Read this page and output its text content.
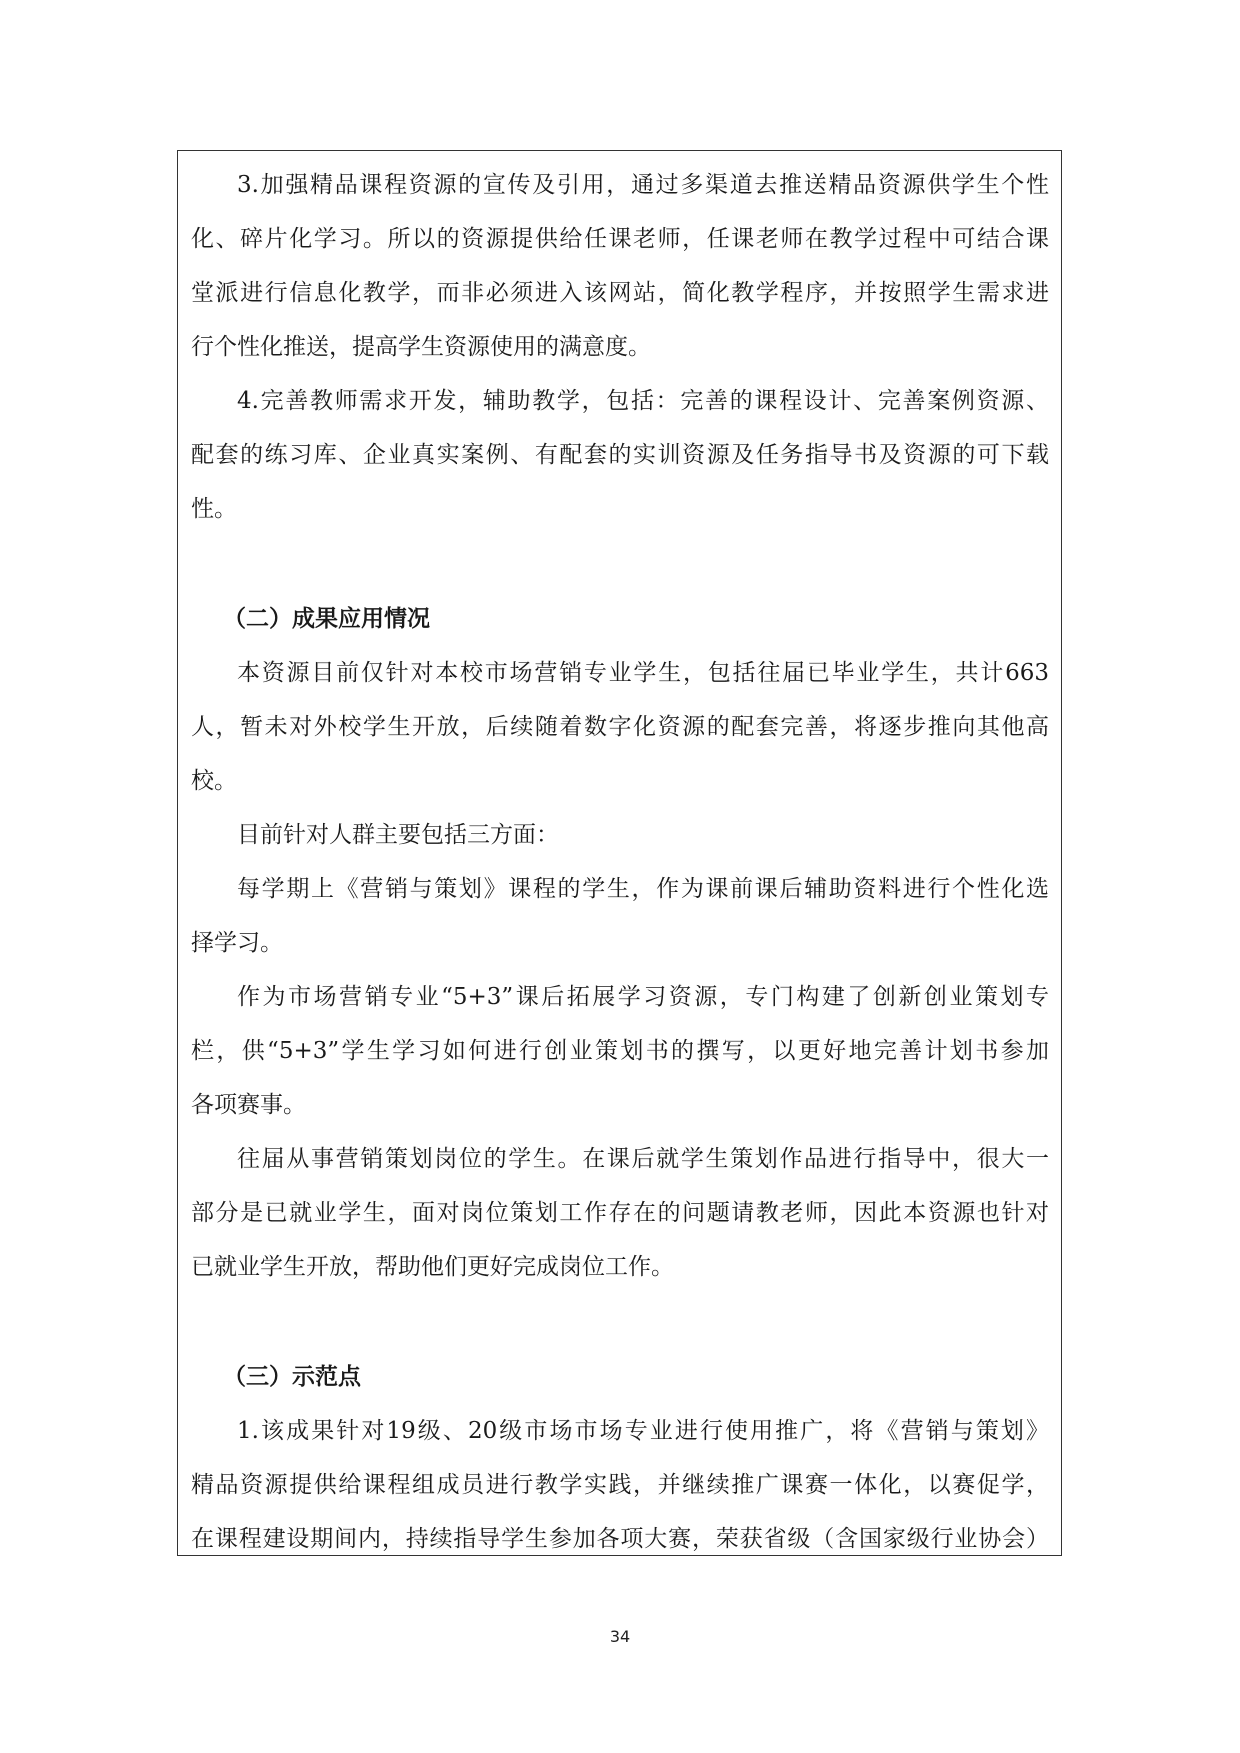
3.加强精品课程资源的宣传及引用，通过多渠道去推送精品资源供学生个性
化、碎片化学习。所以的资源提供给任课老师，任课老师在教学过程中可结合课
堂派进行信息化教学，而非必须进入该网站，简化教学程序，并按照学生需求进
行个性化推送，提高学生资源使用的满意度。
4.完善教师需求开发，辅助教学，包括：完善的课程设计、完善案例资源、
配套的练习库、企业真实案例、有配套的实训资源及任务指导书及资源的可下载
性。
（二）成果应用情况
本资源目前仅针对本校市场营销专业学生，包括往届已毕业学生，共计663
人，暂未对外校学生开放，后续随着数字化资源的配套完善，将逐步推向其他高
校。
目前针对人群主要包括三方面：
每学期上《营销与策划》课程的学生，作为课前课后辅助资料进行个性化选
择学习。
作为市场营销专业“5+3”课后拓展学习资源，专门构建了创新创业策划专
栏，供“5+3”学生学习如何进行创业策划书的撰写，以更好地完善计划书参加
各项赛事。
往届从事营销策划岗位的学生。在课后就学生策划作品进行指导中，很大一
部分是已就业学生，面对岗位策划工作存在的问题请教老师，因此本资源也针对
已就业学生开放，帮助他们更好完成岗位工作。
（三）示范点
1.该成果针对19级、20级市场市场专业进行使用推广，将《营销与策划》
精品资源提供给课程组成员进行教学实践，并继续推广课赛一体化，以赛促学，
在课程建设期间内，持续指导学生参加各项大赛，荣获省级（含国家级行业协会）
34
